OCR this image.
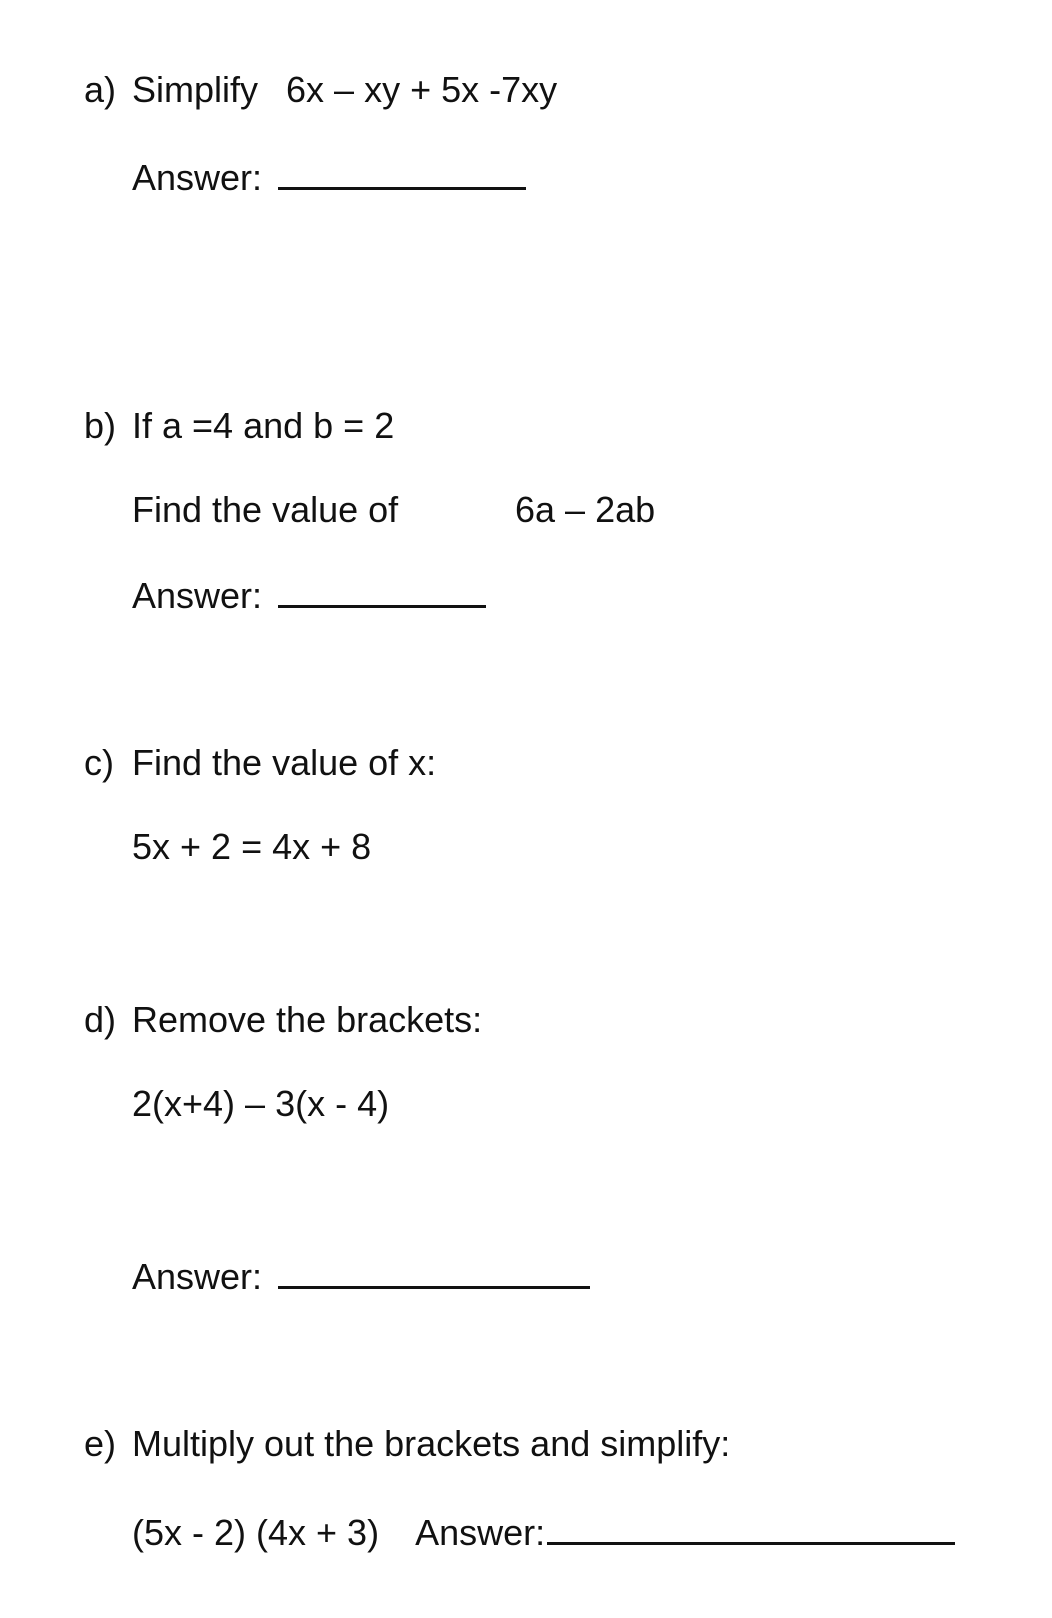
a) Simplify 6x – xy + 5x -7xy
Answer:
b) If a =4 and b = 2
Find the value of	6a – 2ab
Answer:
c) Find the value of x:
5x + 2 = 4x + 8
d) Remove the brackets:
2(x+4) – 3(x - 4)
Answer:
e) Multiply out the brackets and simplify:
(5x - 2) (4x + 3) Answer:
